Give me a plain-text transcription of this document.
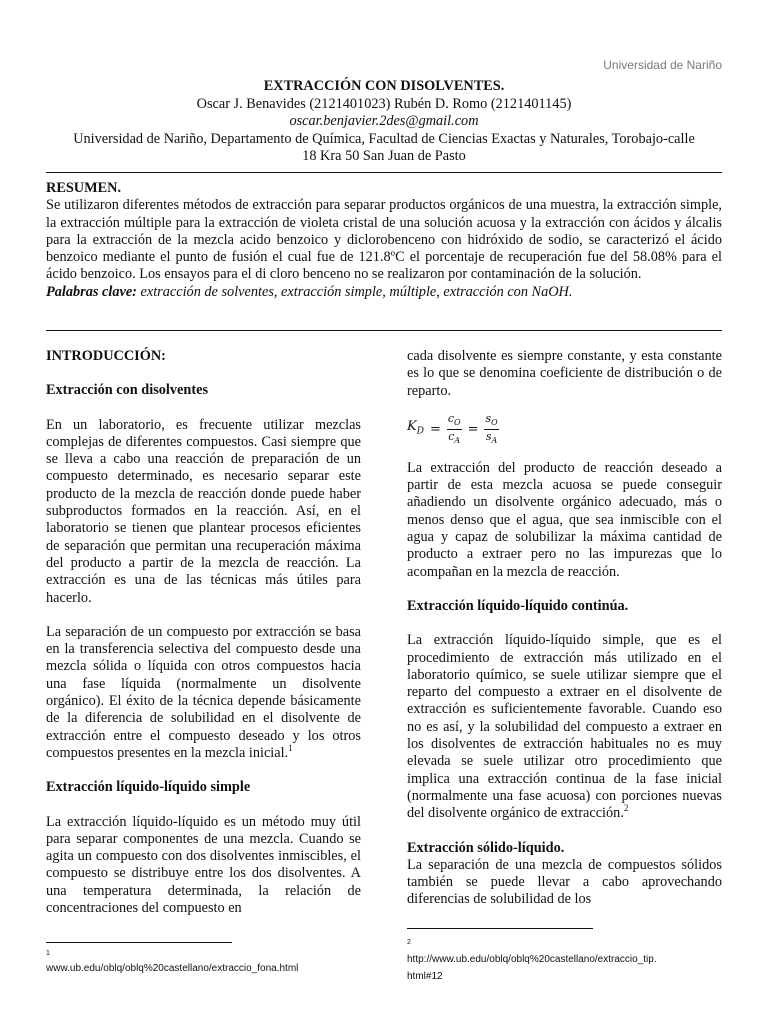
Universidad de Nariño
EXTRACCIÓN CON DISOLVENTES.
Oscar J. Benavides (2121401023) Rubén D. Romo (2121401145)
oscar.benjavier.2des@gmail.com
Universidad de Nariño, Departamento de Química, Facultad de Ciencias Exactas y Naturales, Torobajo-calle
18 Kra 50 San Juan de Pasto
RESUMEN.
Se utilizaron diferentes métodos de extracción para separar productos orgánicos de una muestra, la extracción simple, la extracción múltiple para la extracción de violeta cristal de una solución acuosa y la extracción con ácidos y álcalis para la extracción de la mezcla acido benzoico y diclorobenceno con hidróxido de sodio, se caracterizó el ácido benzoico mediante el punto de fusión el cual fue de 121.8ºC el porcentaje de recuperación fue del 58.08% para el ácido benzoico. Los ensayos para el di cloro benceno no se realizaron por contaminación de la solución.
Palabras clave: extracción de solventes, extracción simple, múltiple, extracción con NaOH.
INTRODUCCIÓN:
Extracción con disolventes

En un laboratorio, es frecuente utilizar mezclas complejas de diferentes compuestos. Casi siempre que se lleva a cabo una reacción de preparación de un compuesto determinado, es necesario separar este producto de la mezcla de reacción donde puede haber subproductos formados en la reacción. Así, en el laboratorio se tienen que plantear procesos eficientes de separación que permitan una recuperación máxima del producto a partir de la mezcla de reacción. La extracción es una de las técnicas más útiles para hacerlo.

La separación de un compuesto por extracción se basa en la transferencia selectiva del compuesto desde una mezcla sólida o líquida con otros compuestos hacia una fase líquida (normalmente un disolvente orgánico). El éxito de la técnica depende básicamente de la diferencia de solubilidad en el disolvente de extracción entre el compuesto deseado y los otros compuestos presentes en la mezcla inicial.$^1$

Extracción líquido-líquido simple

La extracción líquido-líquido es un método muy útil para separar componentes de una mezcla. Cuando se agita un compuesto con dos disolventes inmiscibles, el compuesto se distribuye entre los dos disolventes. A una temperatura determinada, la relación de concentraciones del compuesto en

cada disolvente es siempre constante, y esta constante es lo que se denomina coeficiente de distribución o de reparto.

$K_D = \frac{c_O}{c_A} = \frac{s_O}{s_A}$

La extracción del producto de reacción deseado a partir de esta mezcla acuosa se puede conseguir añadiendo un disolvente orgánico adecuado, más o menos denso que el agua, que sea inmiscible con el agua y capaz de solubilizar la máxima cantidad de producto a extraer pero no las impurezas que lo acompañan en la mezcla de reacción.

Extracción líquido-líquido continúa.

La extracción líquido-líquido simple, que es el procedimiento de extracción más utilizado en el laboratorio químico, se suele utilizar siempre que el reparto del compuesto a extraer en el disolvente de extracción es suficientemente favorable. Cuando eso no es así, y la solubilidad del compuesto a extraer en los disolventes de extracción habituales no es muy elevada se suele utilizar otro procedimiento que implica una extracción continua de la fase inicial (normalmente una fase acuosa) con porciones nuevas del disolvente orgánico de extracción.$^2$

Extracción sólido-líquido.

La separación de una mezcla de compuestos sólidos también se puede llevar a cabo aprovechando diferencias de solubilidad de los

1
www.ub.edu/oblq/oblq%20castellano/extraccio_fona.html
2
http://www.ub.edu/oblq/oblq%20castellano/extraccio_tip.
html#12
